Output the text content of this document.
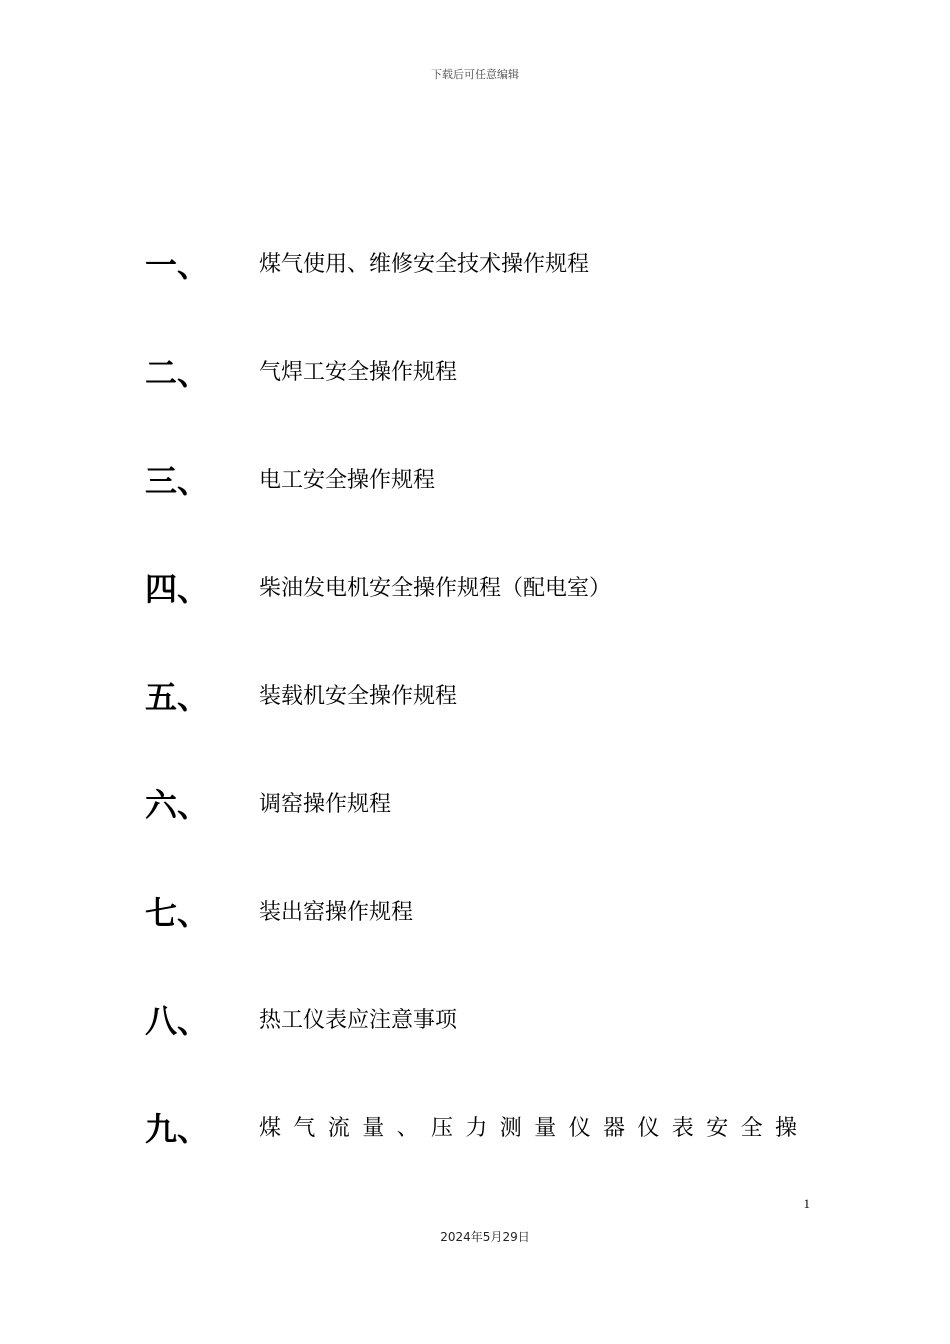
下载后可任意编辑
一、 煤气使用、维修安全技术操作规程
二、 气焊工安全操作规程
三、 电工安全操作规程
四、 柴油发电机安全操作规程（配电室）
五、 装载机安全操作规程
六、 调窑操作规程
七、 装出窑操作规程
八、 热工仪表应注意事项
九、 煤气流量、压力测量仪器仪表安全操
1
2024年5月29日
